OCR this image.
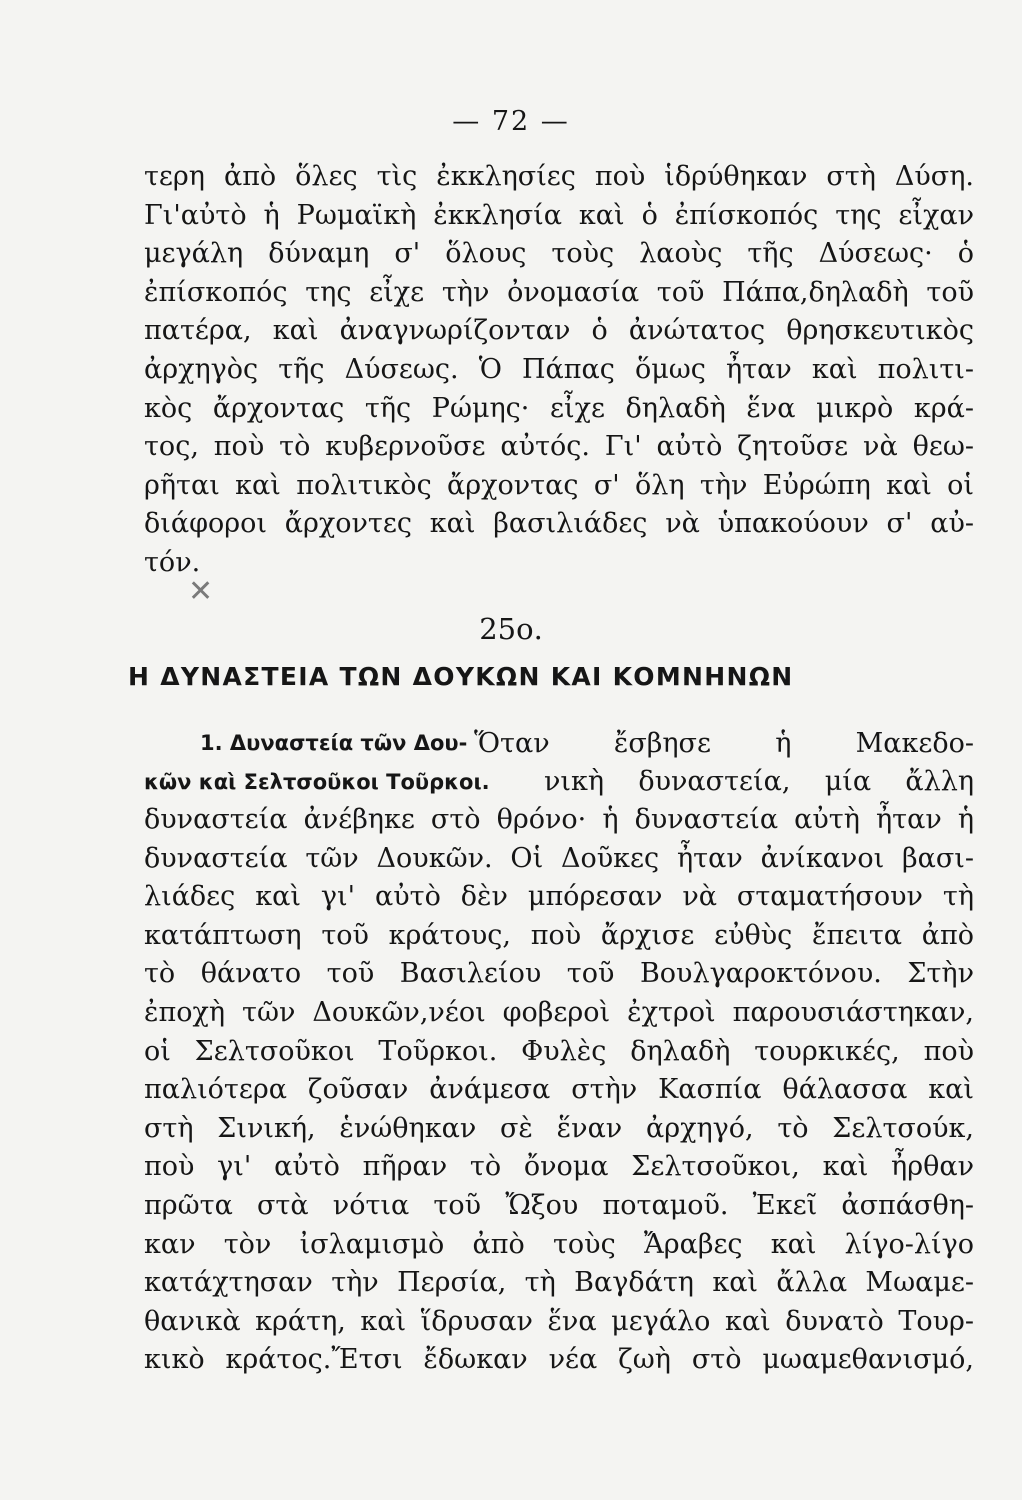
— 72 —
τερη ἀπὸ ὅλες τὶς ἐκκλησίες ποὺ ἱδρύθηκαν στὴ Δύση.
Γι'αὐτὸ ἡ Ρωμαϊκὴ ἐκκλησία καὶ ὁ ἐπίσκοπός της εἶχαν
μεγάλη δύναμη σ' ὅλους τοὺς λαοὺς τῆς Δύσεως· ὁ
ἐπίσκοπός της εἶχε τὴν ὀνομασία τοῦ Πάπα,δηλαδὴ τοῦ
πατέρα, καὶ ἀναγνωρίζονταν ὁ ἀνώτατος θρησκευτικὸς
ἀρχηγὸς τῆς Δύσεως. Ὁ Πάπας ὅμως ἦταν καὶ πολιτι-
κὸς ἄρχοντας τῆς Ρώμης· εἶχε δηλαδὴ ἕνα μικρὸ κρά-
τος, ποὺ τὸ κυβερνοῦσε αὐτός. Γι' αὐτὸ ζητοῦσε νὰ θεω-
ρῆται καὶ πολιτικὸς ἄρχοντας σ' ὅλη τὴν Εὐρώπη καὶ οἱ
διάφοροι ἄρχοντες καὶ βασιλιάδες νὰ ὑπακούουν σ' αὐ-
τόν.
✕
25ο.
Η ΔΥΝΑΣΤΕΙΑ ΤΩΝ ΔΟΥΚΩΝ ΚΑΙ ΚΟΜΝΗΝΩΝ
1. Δυναστεία τῶν Δου- Ὅταν ἔσβησε ἡ Μακεδο-
κῶν καὶ Σελτσοῦκοι Τοῦρκοι.	νικὴ δυναστεία, μία ἄλλη
δυναστεία ἀνέβηκε στὸ θρόνο· ἡ δυναστεία αὐτὴ ἦταν ἡ
δυναστεία τῶν Δουκῶν. Οἱ Δοῦκες ἦταν ἀνίκανοι βασι-
λιάδες καὶ γι' αὐτὸ δὲν μπόρεσαν νὰ σταματήσουν τὴ
κατάπτωση τοῦ κράτους, ποὺ ἄρχισε εὐθὺς ἔπειτα ἀπὸ
τὸ θάνατο τοῦ Βασιλείου τοῦ Βουλγαροκτόνου. Στὴν
ἐποχὴ τῶν Δουκῶν,νέοι φοβεροὶ ἐχτροὶ παρουσιάστηκαν,
οἱ Σελτσοῦκοι Τοῦρκοι. Φυλὲς δηλαδὴ τουρκικές, ποὺ
παλιότερα ζοῦσαν ἀνάμεσα στὴν Κασπία θάλασσα καὶ
στὴ Σινική, ἑνώθηκαν σὲ ἕναν ἀρχηγό, τὸ Σελτσούκ,
ποὺ γι' αὐτὸ πῆραν τὸ ὄνομα Σελτσοῦκοι, καὶ ἦρθαν
πρῶτα στὰ νότια τοῦ Ὤξου ποταμοῦ. Ἐκεῖ ἀσπάσθη-
καν τὸν ἰσλαμισμὸ ἀπὸ τοὺς Ἄραβες καὶ λίγο-λίγο
κατάχτησαν τὴν Περσία, τὴ Βαγδάτη καὶ ἄλλα Μωαμε-
θανικὰ κράτη, καὶ ἵδρυσαν ἕνα μεγάλο καὶ δυνατὸ Τουρ-
κικὸ κράτος.Ἔτσι ἔδωκαν νέα ζωὴ στὸ μωαμεθανισμό,
